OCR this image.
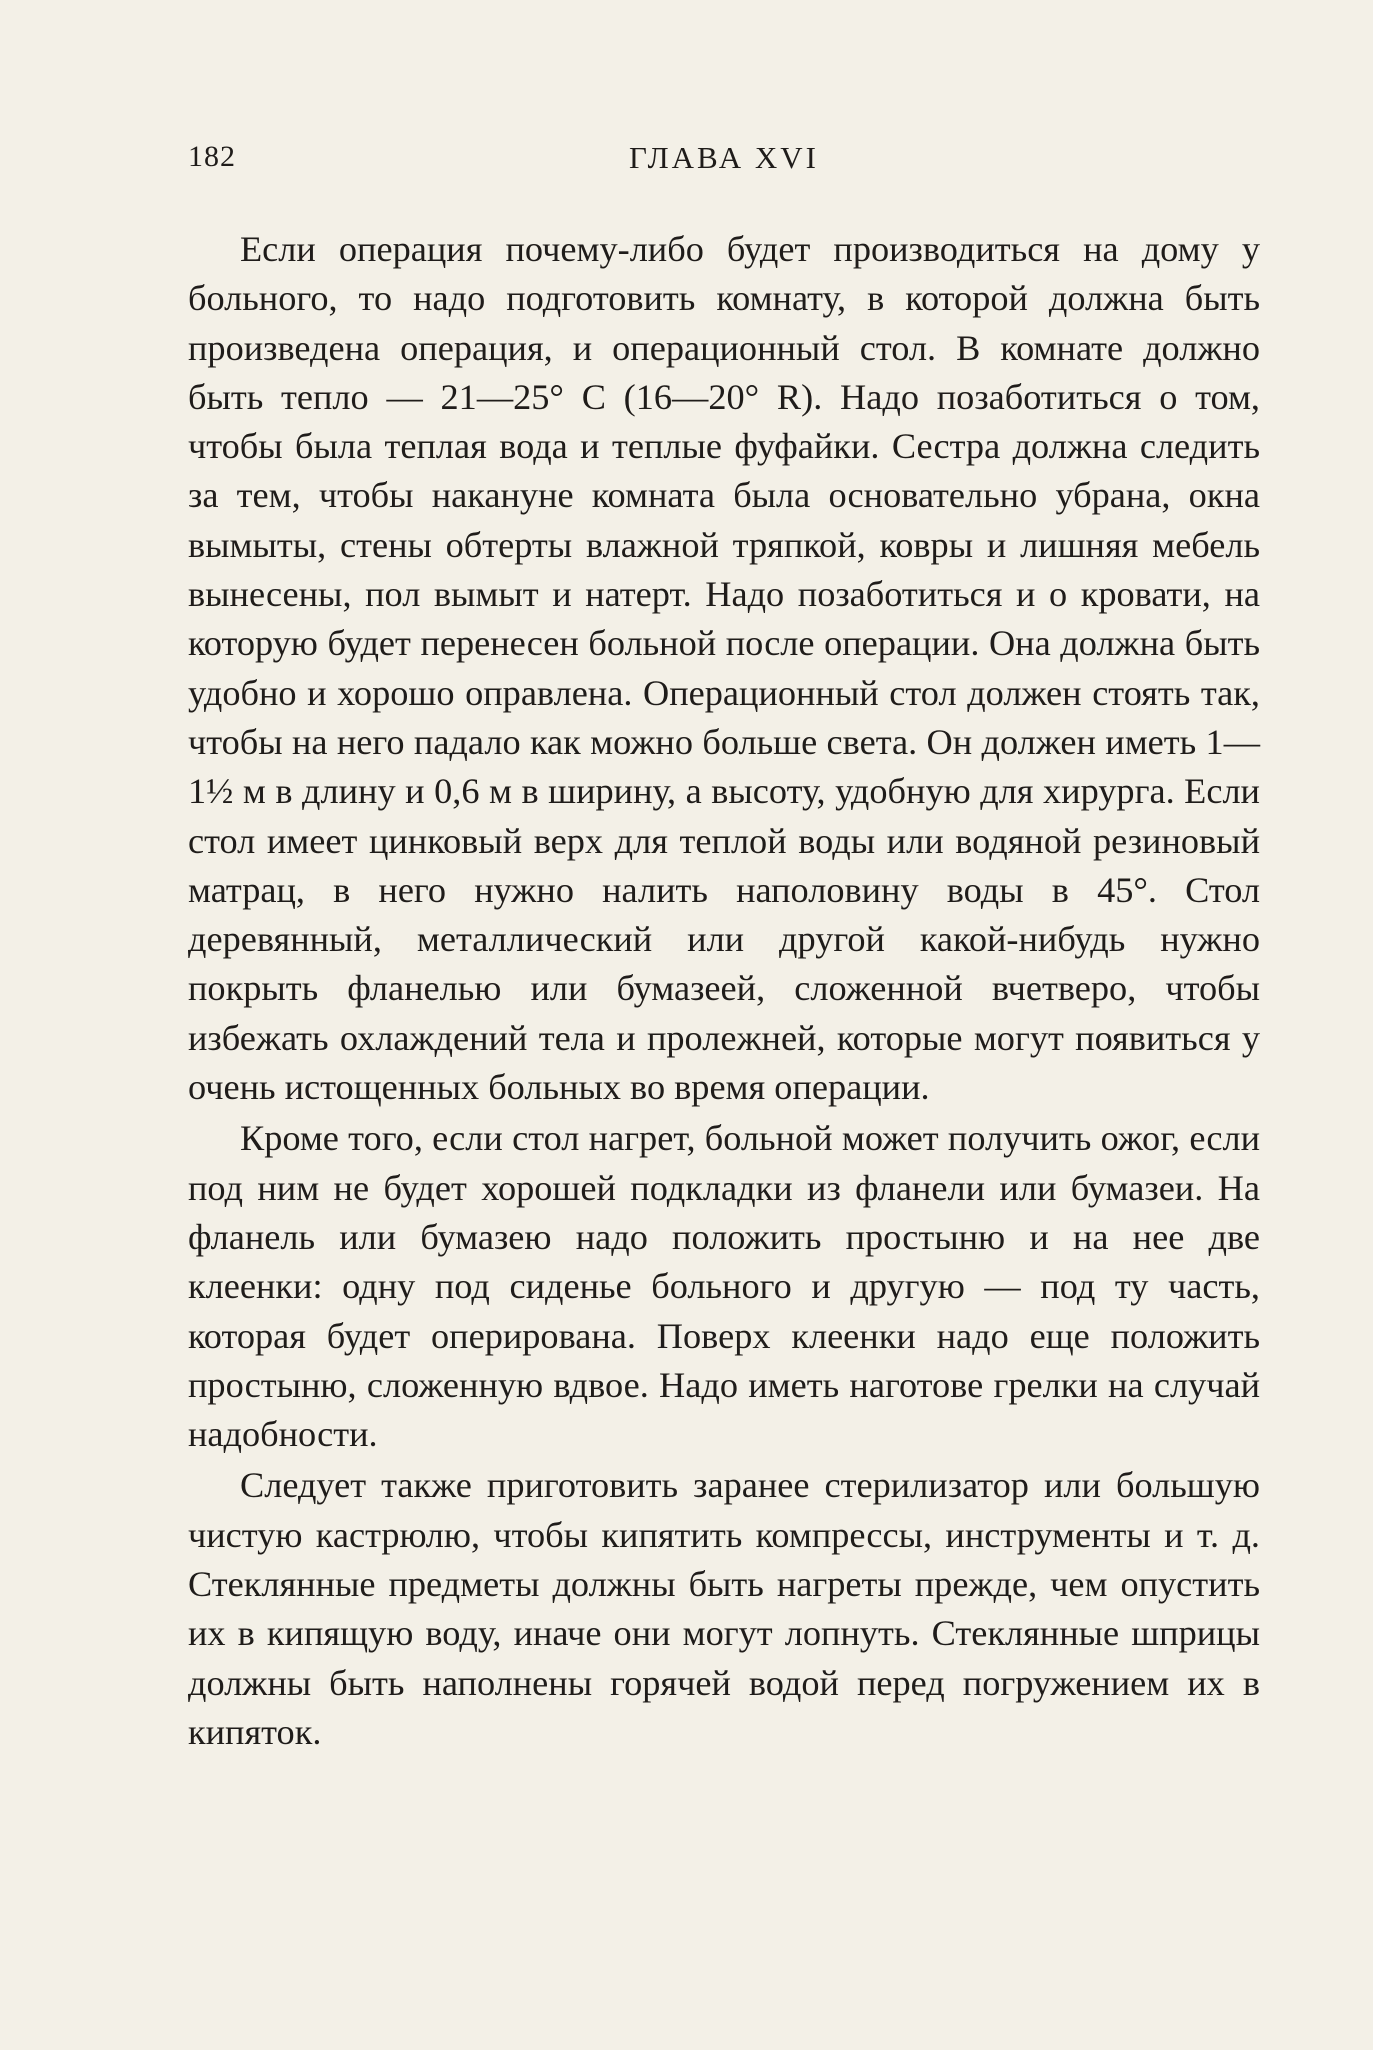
182	ГЛАВА XVI

Если операция почему-либо будет производиться на дому у больного, то надо подготовить комнату, в которой должна быть произведена операция, и операционный стол. В комнате должно быть тепло — 21—25° С (16—20° R). Надо позаботиться о том, чтобы была теплая вода и теплые фуфайки. Сестра должна следить за тем, чтобы накануне комната была основательно убрана, окна вымыты, стены обтерты влажной тряпкой, ковры и лишняя мебель вынесены, пол вымыт и натерт. Надо позаботиться и о кровати, на которую будет перенесен больной после операции. Она должна быть удобно и хорошо оправлена. Операционный стол должен стоять так, чтобы на него падало как можно больше света. Он должен иметь 1—1½ м в длину и 0,6 м в ширину, а высоту, удобную для хирурга. Если стол имеет цинковый верх для теплой воды или водяной резиновый матрац, в него нужно налить наполовину воды в 45°. Стол деревянный, металлический или другой какой-нибудь нужно покрыть фланелью или бумазеей, сложенной вчетверо, чтобы избежать охлаждений тела и пролежней, которые могут появиться у очень истощенных больных во время операции.

Кроме того, если стол нагрет, больной может получить ожог, если под ним не будет хорошей подкладки из фланели или бумазеи. На фланель или бумазею надо положить простыню и на нее две клеенки: одну под сиденье больного и другую — под ту часть, которая будет оперирована. Поверх клеенки надо еще положить простыню, сложенную вдвое. Надо иметь наготове грелки на случай надобности.

Следует также приготовить заранее стерилизатор или большую чистую кастрюлю, чтобы кипятить компрессы, инструменты и т. д. Стеклянные предметы должны быть нагреты прежде, чем опустить их в кипящую воду, иначе они могут лопнуть. Стеклянные шприцы должны быть наполнены горячей водой перед погружением их в кипяток.
